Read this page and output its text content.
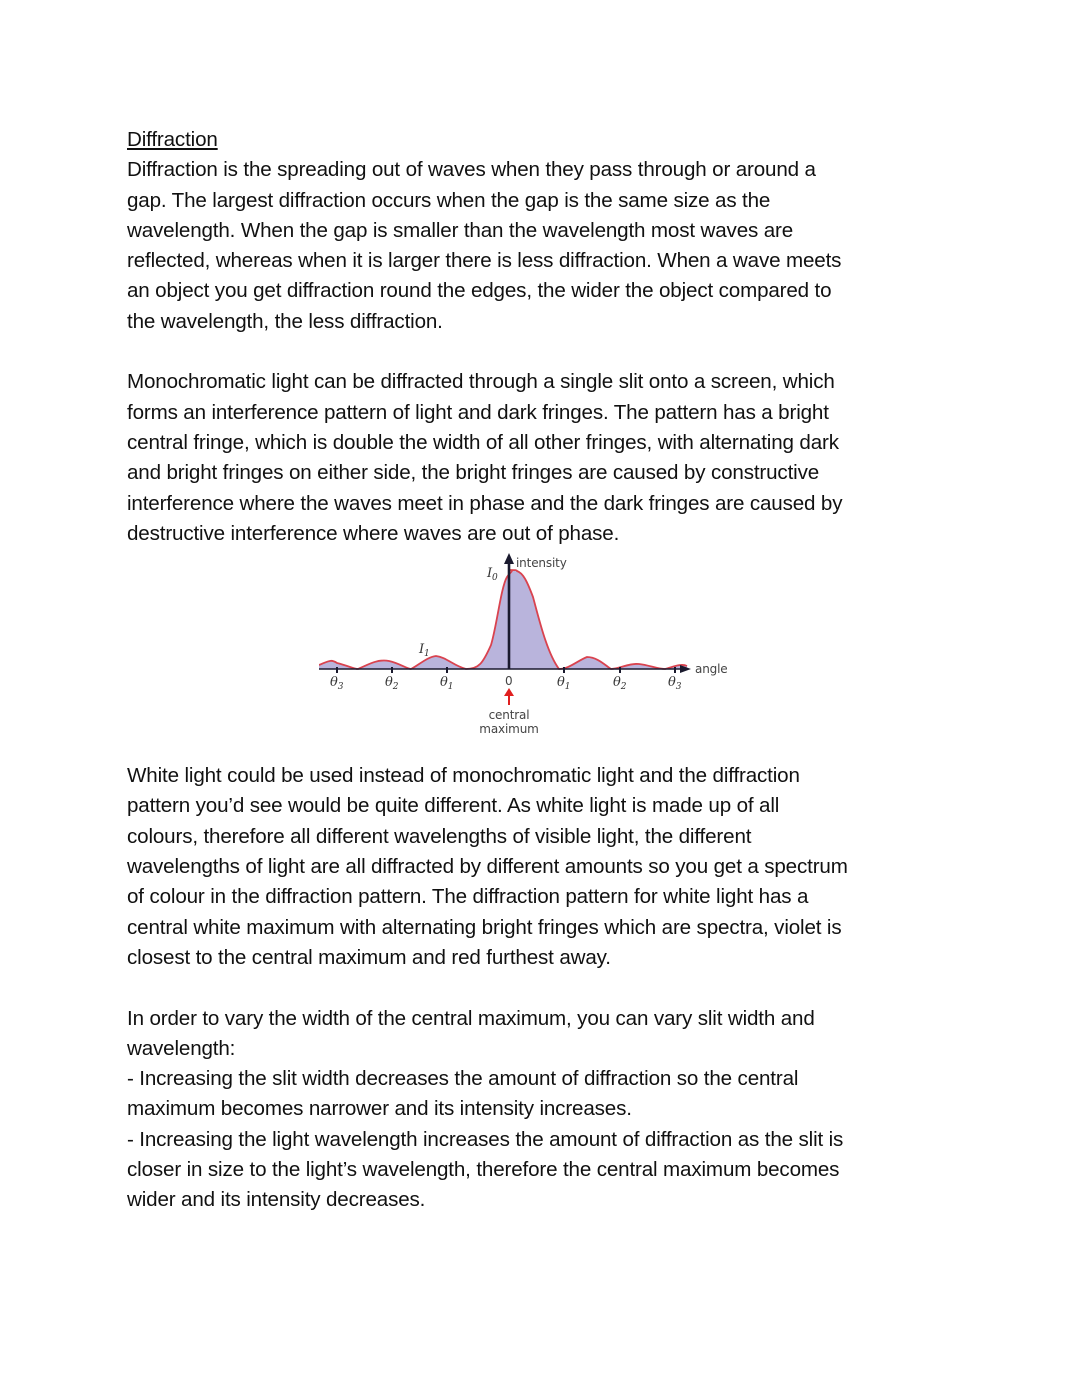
Diffraction

Diffraction is the spreading out of waves when they pass through or around a
gap. The largest diffraction occurs when the gap is the same size as the
wavelength. When the gap is smaller than the wavelength most waves are
reflected, whereas when it is larger there is less diffraction. When a wave meets
an object you get diffraction round the edges, the wider the object compared to
the wavelength, the less diffraction.

Monochromatic light can be diffracted through a single slit onto a screen, which
forms an interference pattern of light and dark fringes. The pattern has a bright
central fringe, which is double the width of all other fringes, with alternating dark
and bright fringes on either side, the bright fringes are caused by constructive
interference where the waves meet in phase and the dark fringes are caused by
destructive interference where waves are out of phase.

intensity
angle
$I_0$
$I_1$
$\theta_3$	$\theta_2$	$\theta_1$	0	$\theta_1$	$\theta_2$	$\theta_3$
central
maximum

White light could be used instead of monochromatic light and the diffraction
pattern you’d see would be quite different. As white light is made up of all
colours, therefore all different wavelengths of visible light, the different
wavelengths of light are all diffracted by different amounts so you get a spectrum
of colour in the diffraction pattern. The diffraction pattern for white light has a
central white maximum with alternating bright fringes which are spectra, violet is
closest to the central maximum and red furthest away.

In order to vary the width of the central maximum, you can vary slit width and
wavelength:
- Increasing the slit width decreases the amount of diffraction so the central
maximum becomes narrower and its intensity increases.
- Increasing the light wavelength increases the amount of diffraction as the slit is
closer in size to the light’s wavelength, therefore the central maximum becomes
wider and its intensity decreases.
